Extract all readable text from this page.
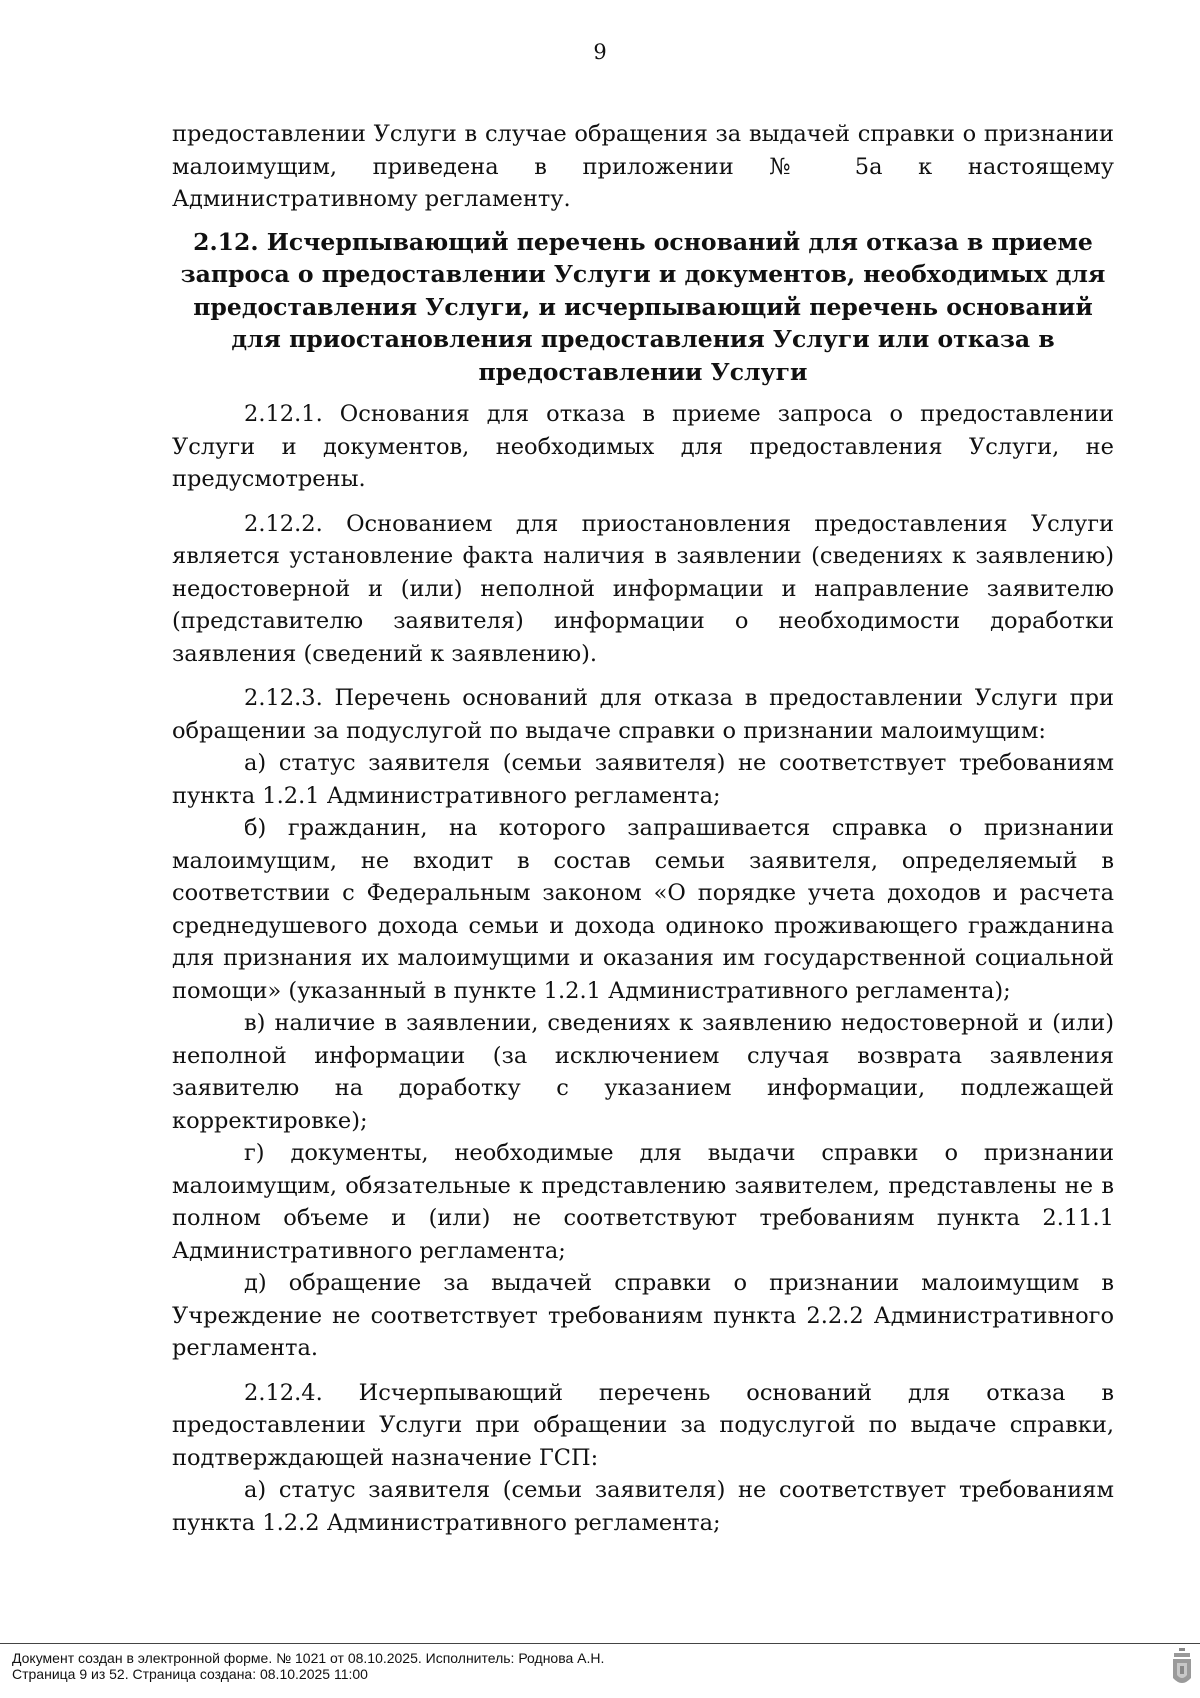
9

предоставлении Услуги в случае обращения за выдачей справки о признании малоимущим, приведена в приложении № 5а к настоящему Административному регламенту.

2.12. Исчерпывающий перечень оснований для отказа в приеме запроса о предоставлении Услуги и документов, необходимых для предоставления Услуги, и исчерпывающий перечень оснований для приостановления предоставления Услуги или отказа в предоставлении Услуги

2.12.1. Основания для отказа в приеме запроса о предоставлении Услуги и документов, необходимых для предоставления Услуги, не предусмотрены.

2.12.2. Основанием для приостановления предоставления Услуги является установление факта наличия в заявлении (сведениях к заявлению) недостоверной и (или) неполной информации и направление заявителю (представителю заявителя) информации о необходимости доработки заявления (сведений к заявлению).

2.12.3. Перечень оснований для отказа в предоставлении Услуги при обращении за подуслугой по выдаче справки о признании малоимущим:

а) статус заявителя (семьи заявителя) не соответствует требованиям пункта 1.2.1 Административного регламента;

б) гражданин, на которого запрашивается справка о признании малоимущим, не входит в состав семьи заявителя, определяемый в соответствии с Федеральным законом «О порядке учета доходов и расчета среднедушевого дохода семьи и дохода одиноко проживающего гражданина для признания их малоимущими и оказания им государственной социальной помощи» (указанный в пункте 1.2.1 Административного регламента);

в) наличие в заявлении, сведениях к заявлению недостоверной и (или) неполной информации (за исключением случая возврата заявления заявителю на доработку с указанием информации, подлежащей корректировке);

г) документы, необходимые для выдачи справки о признании малоимущим, обязательные к представлению заявителем, представлены не в полном объеме и (или) не соответствуют требованиям пункта 2.11.1 Административного регламента;

д) обращение за выдачей справки о признании малоимущим в Учреждение не соответствует требованиям пункта 2.2.2 Административного регламента.

2.12.4. Исчерпывающий перечень оснований для отказа в предоставлении Услуги при обращении за подуслугой по выдаче справки, подтверждающей назначение ГСП:

а) статус заявителя (семьи заявителя) не соответствует требованиям пункта 1.2.2 Административного регламента;

Документ создан в электронной форме. № 1021 от 08.10.2025. Исполнитель: Роднова А.Н.
Страница 9 из 52. Страница создана: 08.10.2025 11:00
